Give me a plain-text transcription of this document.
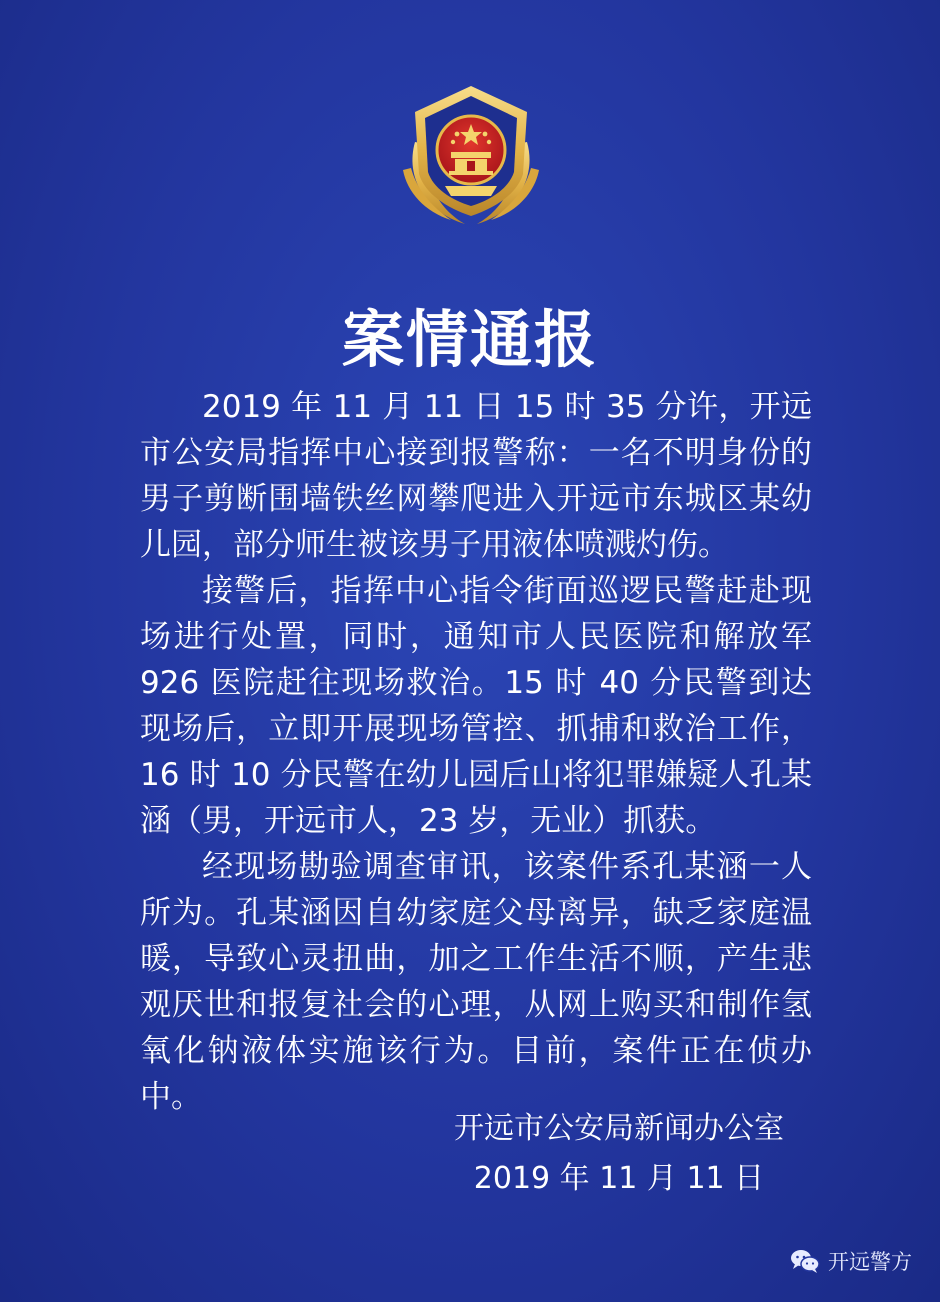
案情通报

2019 年 11 月 11 日 15 时 35 分许，开远市公安局指挥中心接到报警称：一名不明身份的男子剪断围墙铁丝网攀爬进入开远市东城区某幼儿园，部分师生被该男子用液体喷溅灼伤。

接警后，指挥中心指令街面巡逻民警赶赴现场进行处置，同时，通知市人民医院和解放军 926 医院赶往现场救治。15 时 40 分民警到达现场后，立即开展现场管控、抓捕和救治工作，16 时 10 分民警在幼儿园后山将犯罪嫌疑人孔某涵（男，开远市人，23 岁，无业）抓获。

经现场勘验调查审讯，该案件系孔某涵一人所为。孔某涵因自幼家庭父母离异，缺乏家庭温暖，导致心灵扭曲，加之工作生活不顺，产生悲观厌世和报复社会的心理，从网上购买和制作氢氧化钠液体实施该行为。目前，案件正在侦办中。

开远市公安局新闻办公室
2019 年 11 月 11 日
开远警方
